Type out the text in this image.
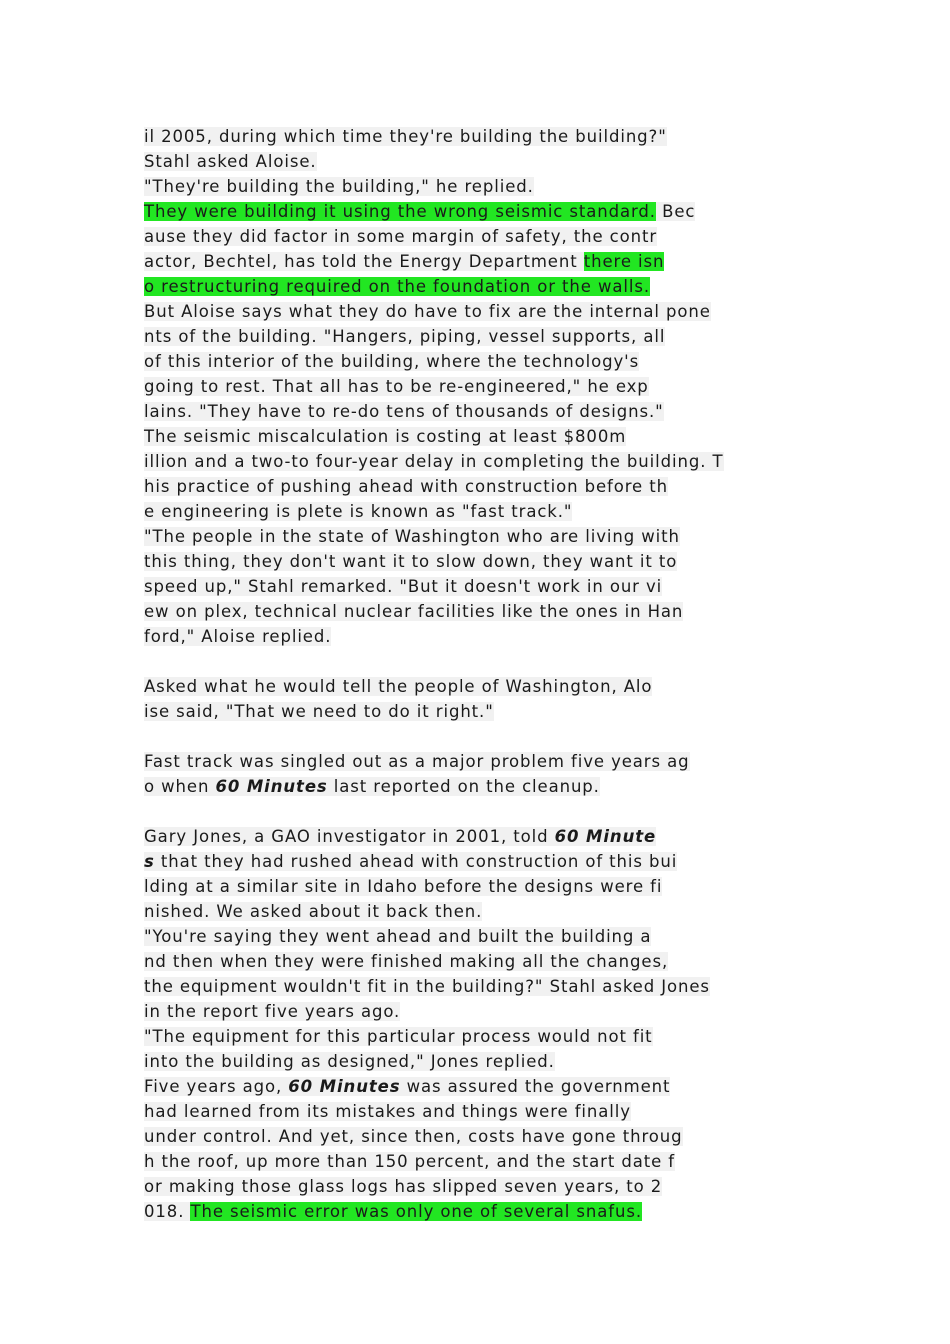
il 2005, during which time they're building the building?"
Stahl asked Aloise.
"They're building the building," he replied.
They were building it using the wrong seismic standard. Bec
ause they did factor in some margin of safety, the contr
actor, Bechtel, has told the Energy Department there isn
o restructuring required on the foundation or the walls.
But Aloise says what they do have to fix are the internal pone
nts of the building. "Hangers, piping, vessel supports, all
of this interior of the building, where the technology's
going to rest. That all has to be re-engineered," he exp
lains. "They have to re-do tens of thousands of designs."
The seismic miscalculation is costing at least $800m
illion and a two-to four-year delay in completing the building. T
his practice of pushing ahead with construction before th
e engineering is plete is known as "fast track."
"The people in the state of Washington who are living with
this thing, they don't want it to slow down, they want it to
speed up," Stahl remarked. "But it doesn't work in our vi
ew on plex, technical nuclear facilities like the ones in Han
ford," Aloise replied.
Asked what he would tell the people of Washington, Alo
ise said, "That we need to do it right."
Fast track was singled out as a major problem five years ag
o when 60 Minutes last reported on the cleanup.
Gary Jones, a GAO investigator in 2001, told 60 Minute
s that they had rushed ahead with construction of this bui
lding at a similar site in Idaho before the designs were fi
nished. We asked about it back then.
"You're saying they went ahead and built the building a
nd then when they were finished making all the changes,
the equipment wouldn't fit in the building?" Stahl asked Jones
in the report five years ago.
"The equipment for this particular process would not fit
into the building as designed," Jones replied.
Five years ago, 60 Minutes was assured the government
had learned from its mistakes and things were finally
under control. And yet, since then, costs have gone throug
h the roof, up more than 150 percent, and the start date f
or making those glass logs has slipped seven years, to 2
018. The seismic error was only one of several snafus.
